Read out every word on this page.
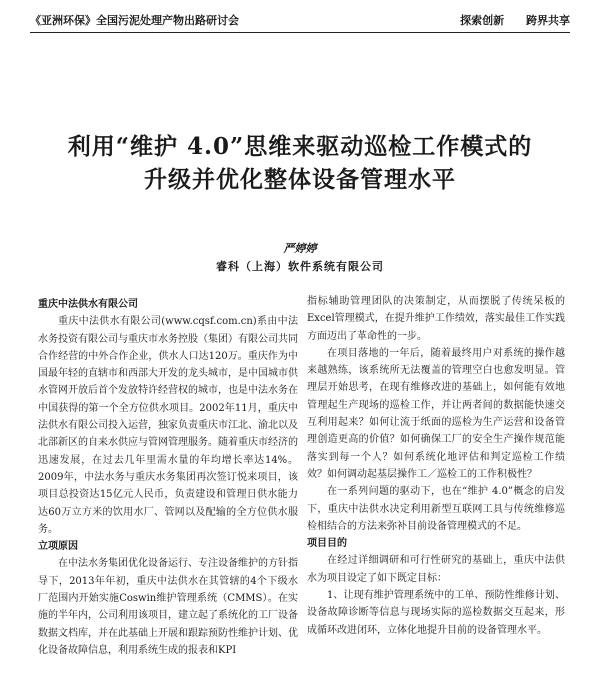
《亚洲环保》全国污泥处理产物出路研讨会	探索创新 跨界共享
利用“维护 4.0”思维来驱动巡检工作模式的
升级并优化整体设备管理水平
严婷婷
睿科（上海）软件系统有限公司
重庆中法供水有限公司

重庆中法供水有限公司(www.cqsf.com.cn)系由中法水务投资有限公司与重庆市水务控股（集团）有限公司共同合作经营的中外合作企业，供水人口达120万。重庆作为中国最年轻的直辖市和西部大开发的龙头城市，是中国城市供水管网开放后首个发放特许经营权的城市，也是中法水务在中国获得的第一个全方位供水项目。2002年11月，重庆中法供水有限公司投入运营，独家负责重庆市江北、渝北以及北部新区的自来水供应与管网管理服务。随着重庆市经济的迅速发展，在过去几年里需水量的年均增长率达14%。2009年，中法水务与重庆水务集团再次签订悦来项目，该项目总投资达15亿元人民币，负责建设和管理日供水能力达60万立方米的饮用水厂、管网以及配输的全方位供水服务。

立项原因

在中法水务集团优化设备运行、专注设备维护的方针指导下，2013年年初，重庆中法供水在其管辖的4个下级水厂范围内开始实施Coswin维护管理系统（CMMS）。在实施的半年内，公司利用该项目，建立起了系统化的工厂设备数据文档库，并在此基础上开展和跟踪预防性维护计划、优化设备故障信息，利用系统生成的报表和KPI

指标辅助管理团队的决策制定，从而摆脱了传统呆板的Excel管理模式，在提升维护工作绩效，落实最佳工作实践方面迈出了革命性的一步。

在项目落地的一年后，随着最终用户对系统的操作越来越熟练，该系统所无法覆盖的管理空白也愈发明显。管理层开始思考，在现有维修改进的基础上，如何能有效地管理起生产现场的巡检工作，并让两者间的数据能快速交互利用起来？如何让流于纸面的巡检为生产运营和设备管理创造更高的价值？如何确保工厂的安全生产操作规范能落实到每一个人？如何系统化地评估和判定巡检工作绩效？如何调动起基层操作工／巡检工的工作积极性？

在一系列问题的驱动下，也在“维护 4.0”概念的启发下，重庆中法供水决定利用新型互联网工具与传统维修巡检相结合的方法来弥补目前设备管理模式的不足。

项目目的

在经过详细调研和可行性研究的基础上，重庆中法供水为项目设定了如下既定目标：

1、让现有维护管理系统中的工单、预防性维修计划、设备故障诊断等信息与现场实际的巡检数据交互起来，形成循环改进闭环，立体化地提升目前的设备管理水平。
